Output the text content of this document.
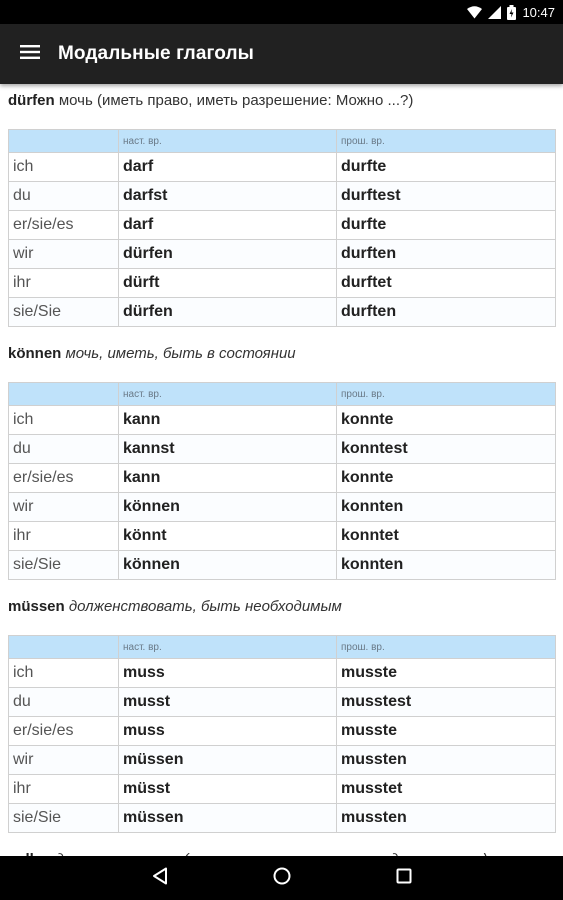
10:47
Модальные глаголы
dürfen мочь (иметь право, иметь разрешение: Можно ...?)
	наст. вр.	прош. вр.
ich	darf	durfte
du	darfst	durftest
er/sie/es	darf	durfte
wir	dürfen	durften
ihr	dürft	durftet
sie/Sie	dürfen	durften
können мочь, иметь, быть в состоянии
	наст. вр.	прош. вр.
ich	kann	konnte
du	kannst	konntest
er/sie/es	kann	konnte
wir	können	konnten
ihr	könnt	konntet
sie/Sie	können	konnten
müssen долженствовать, быть необходимым
	наст. вр.	прош. вр.
ich	muss	musste
du	musst	musstest
er/sie/es	muss	musste
wir	müssen	mussten
ihr	müsst	musstet
sie/Sie	müssen	mussten
